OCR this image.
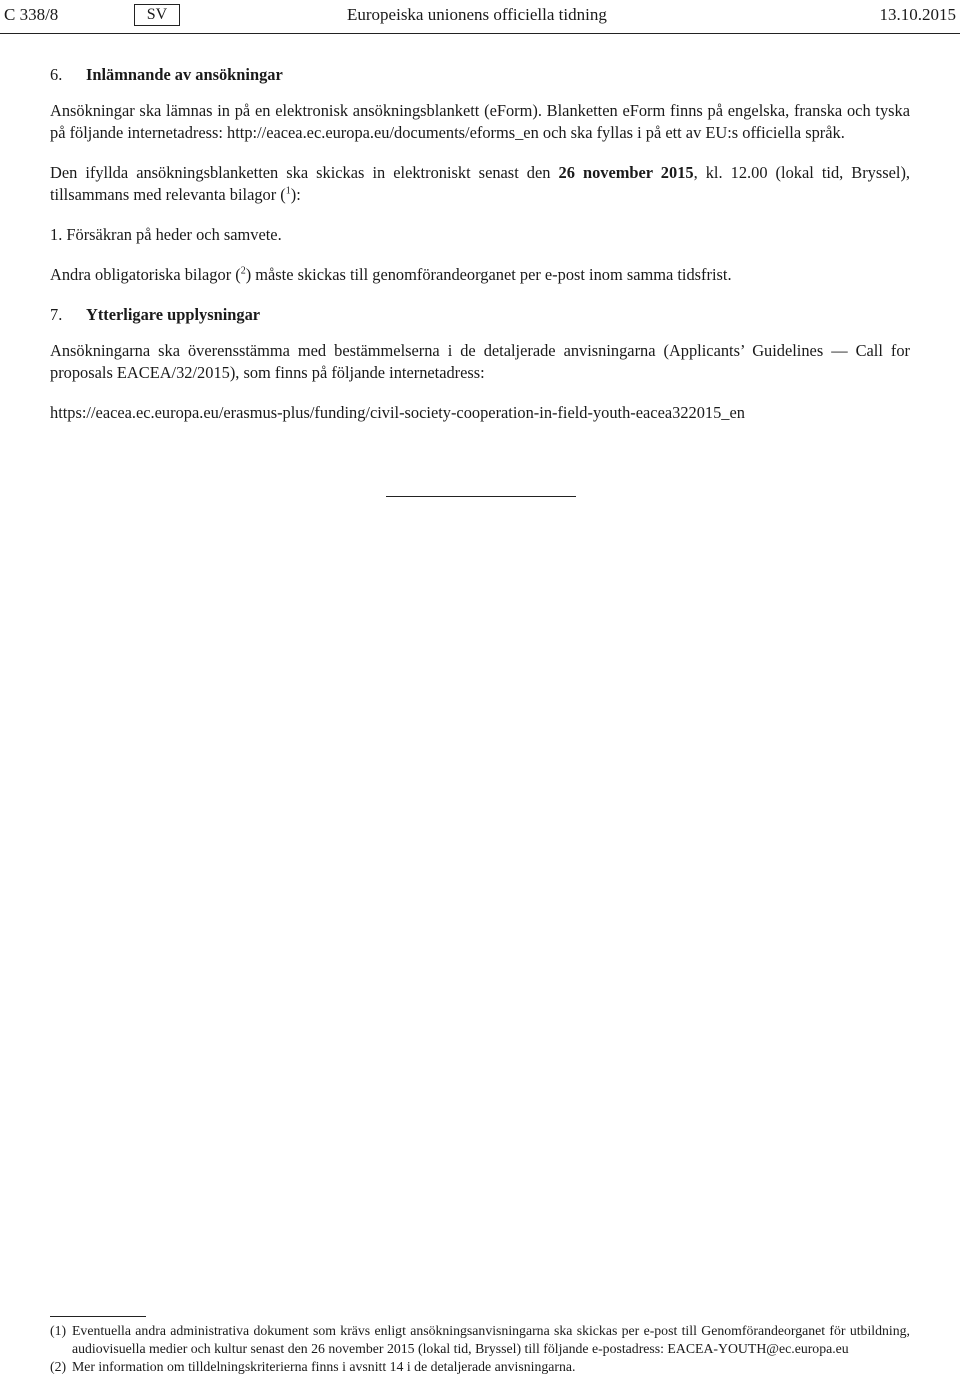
C 338/8	SV	Europeiska unionens officiella tidning	13.10.2015

6. Inlämnande av ansökningar

Ansökningar ska lämnas in på en elektronisk ansökningsblankett (eForm). Blanketten eForm finns på engelska, franska och tyska på följande internetadress: http://eacea.ec.europa.eu/documents/eforms_en och ska fyllas i på ett av EU:s officiella språk.

Den ifyllda ansökningsblanketten ska skickas in elektroniskt senast den 26 november 2015, kl. 12.00 (lokal tid, Bryssel), tillsammans med relevanta bilagor ($^1$):

1. Försäkran på heder och samvete.

Andra obligatoriska bilagor ($^2$) måste skickas till genomförandeorganet per e-post inom samma tidsfrist.

7. Ytterligare upplysningar

Ansökningarna ska överensstämma med bestämmelserna i de detaljerade anvisningarna (Applicants’ Guidelines — Call for proposals EACEA/32/2015), som finns på följande internetadress:

https://eacea.ec.europa.eu/erasmus-plus/funding/civil-society-cooperation-in-field-youth-eacea322015_en

(1) Eventuella andra administrativa dokument som krävs enligt ansökningsanvisningarna ska skickas per e-post till Genomförandeorganet för utbildning, audiovisuella medier och kultur senast den 26 november 2015 (lokal tid, Bryssel) till följande e-postadress: EACEA-YOUTH@ec.europa.eu
(2) Mer information om tilldelningskriterierna finns i avsnitt 14 i de detaljerade anvisningarna.
